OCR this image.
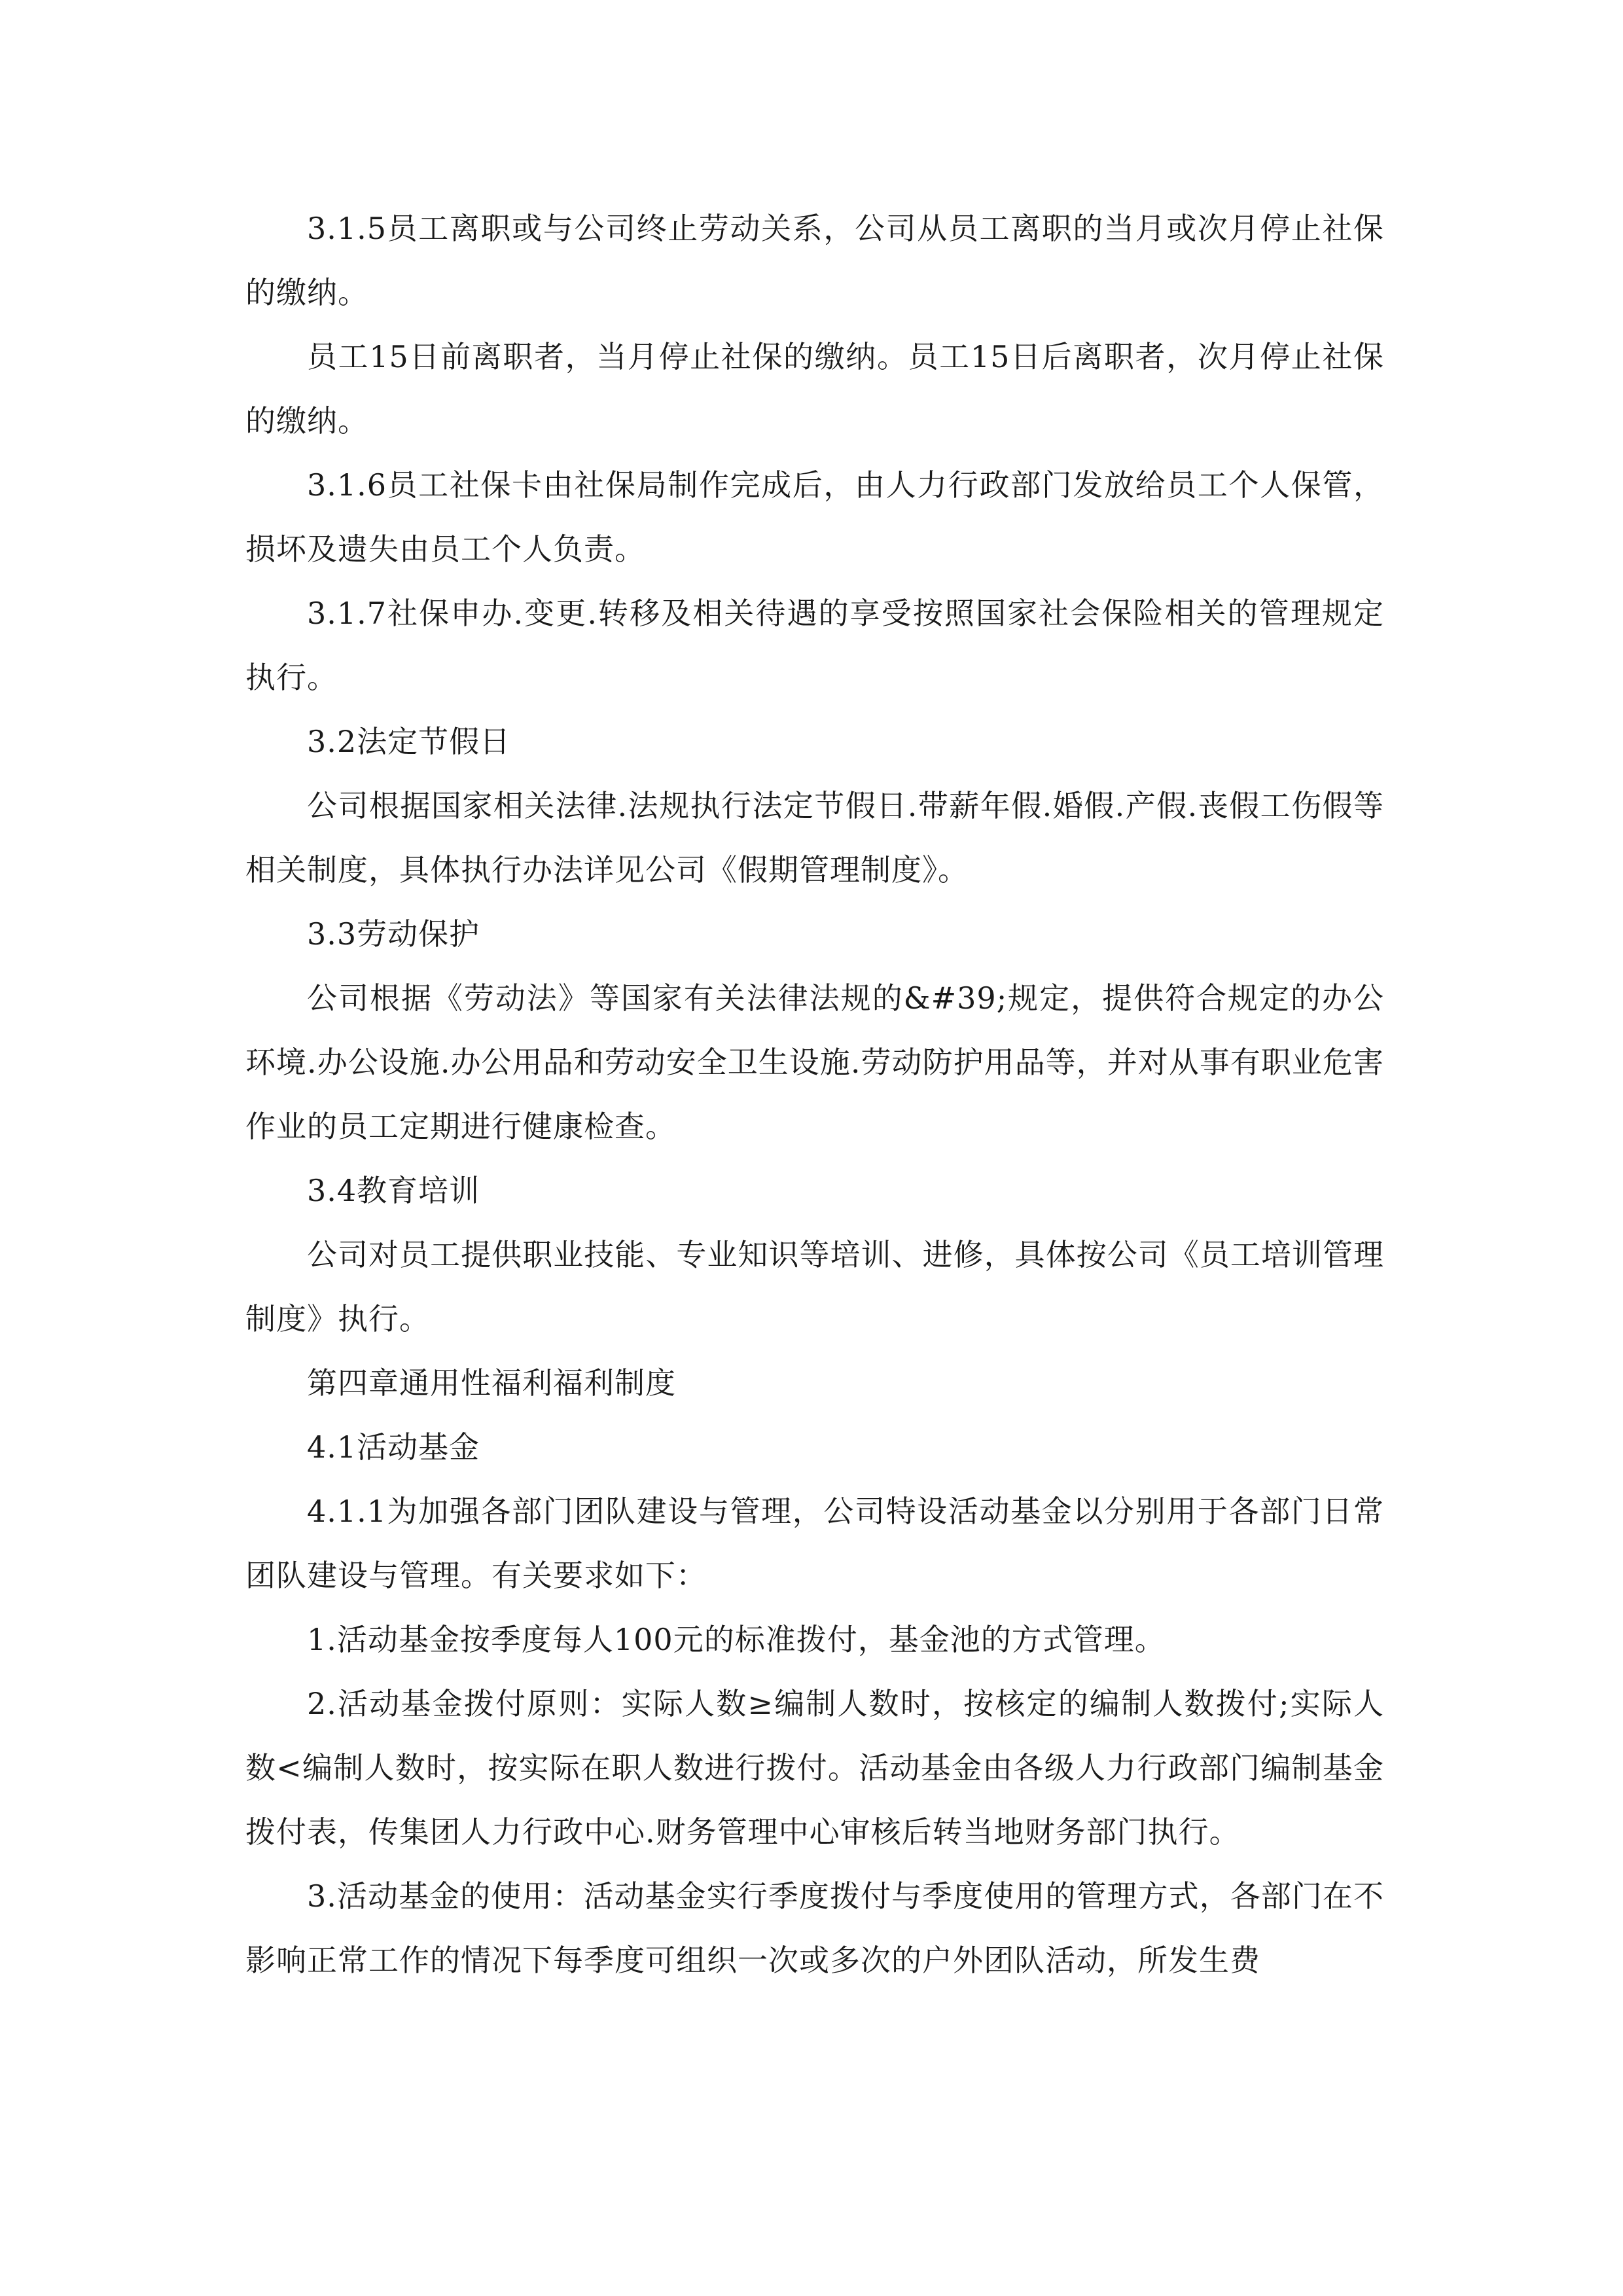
3.1.5员工离职或与公司终止劳动关系，公司从员工离职的当月或次月停止社保的缴纳。

员工15日前离职者，当月停止社保的缴纳。员工15日后离职者，次月停止社保的缴纳。

3.1.6员工社保卡由社保局制作完成后，由人力行政部门发放给员工个人保管，损坏及遗失由员工个人负责。

3.1.7社保申办.变更.转移及相关待遇的享受按照国家社会保险相关的管理规定执行。

3.2法定节假日

公司根据国家相关法律.法规执行法定节假日.带薪年假.婚假.产假.丧假工伤假等相关制度，具体执行办法详见公司《假期管理制度》。

3.3劳动保护

公司根据《劳动法》等国家有关法律法规的&#39;规定，提供符合规定的办公环境.办公设施.办公用品和劳动安全卫生设施.劳动防护用品等，并对从事有职业危害作业的员工定期进行健康检查。

3.4教育培训

公司对员工提供职业技能、专业知识等培训、进修，具体按公司《员工培训管理制度》执行。

第四章通用性福利福利制度

4.1活动基金

4.1.1为加强各部门团队建设与管理，公司特设活动基金以分别用于各部门日常团队建设与管理。有关要求如下：

1.活动基金按季度每人100元的标准拨付，基金池的方式管理。

2.活动基金拨付原则：实际人数≥编制人数时，按核定的编制人数拨付;实际人数<编制人数时，按实际在职人数进行拨付。活动基金由各级人力行政部门编制基金拨付表，传集团人力行政中心.财务管理中心审核后转当地财务部门执行。

3.活动基金的使用：活动基金实行季度拨付与季度使用的管理方式，各部门在不影响正常工作的情况下每季度可组织一次或多次的户外团队活动，所发生费
